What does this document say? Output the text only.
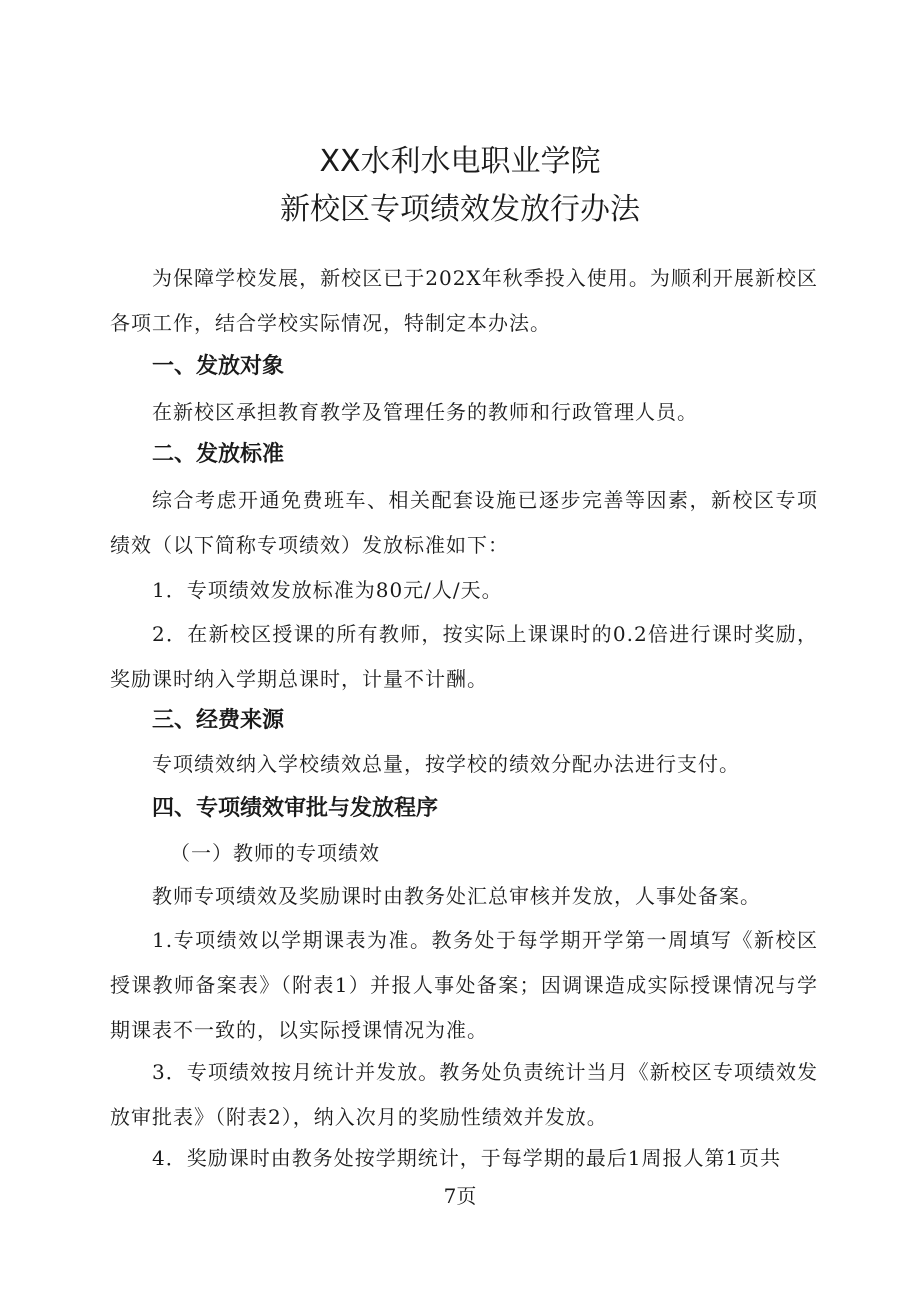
XX水利水电职业学院
新校区专项绩效发放行办法

为保障学校发展，新校区已于202X年秋季投入使用。为顺利开展新校区各项工作，结合学校实际情况，特制定本办法。

一、发放对象

在新校区承担教育教学及管理任务的教师和行政管理人员。

二、发放标准

综合考虑开通免费班车、相关配套设施已逐步完善等因素，新校区专项绩效（以下简称专项绩效）发放标准如下：

1．专项绩效发放标准为80元/人/天。

2．在新校区授课的所有教师，按实际上课课时的0.2倍进行课时奖励，奖励课时纳入学期总课时，计量不计酬。

三、经费来源

专项绩效纳入学校绩效总量，按学校的绩效分配办法进行支付。

四、专项绩效审批与发放程序

（一）教师的专项绩效

教师专项绩效及奖励课时由教务处汇总审核并发放，人事处备案。

1.专项绩效以学期课表为准。教务处于每学期开学第一周填写《新校区授课教师备案表》（附表1）并报人事处备案；因调课造成实际授课情况与学期课表不一致的，以实际授课情况为准。

3．专项绩效按月统计并发放。教务处负责统计当月《新校区专项绩效发放审批表》（附表2），纳入次月的奖励性绩效并发放。

4．奖励课时由教务处按学期统计，于每学期的最后1周报人第1页共

7页
